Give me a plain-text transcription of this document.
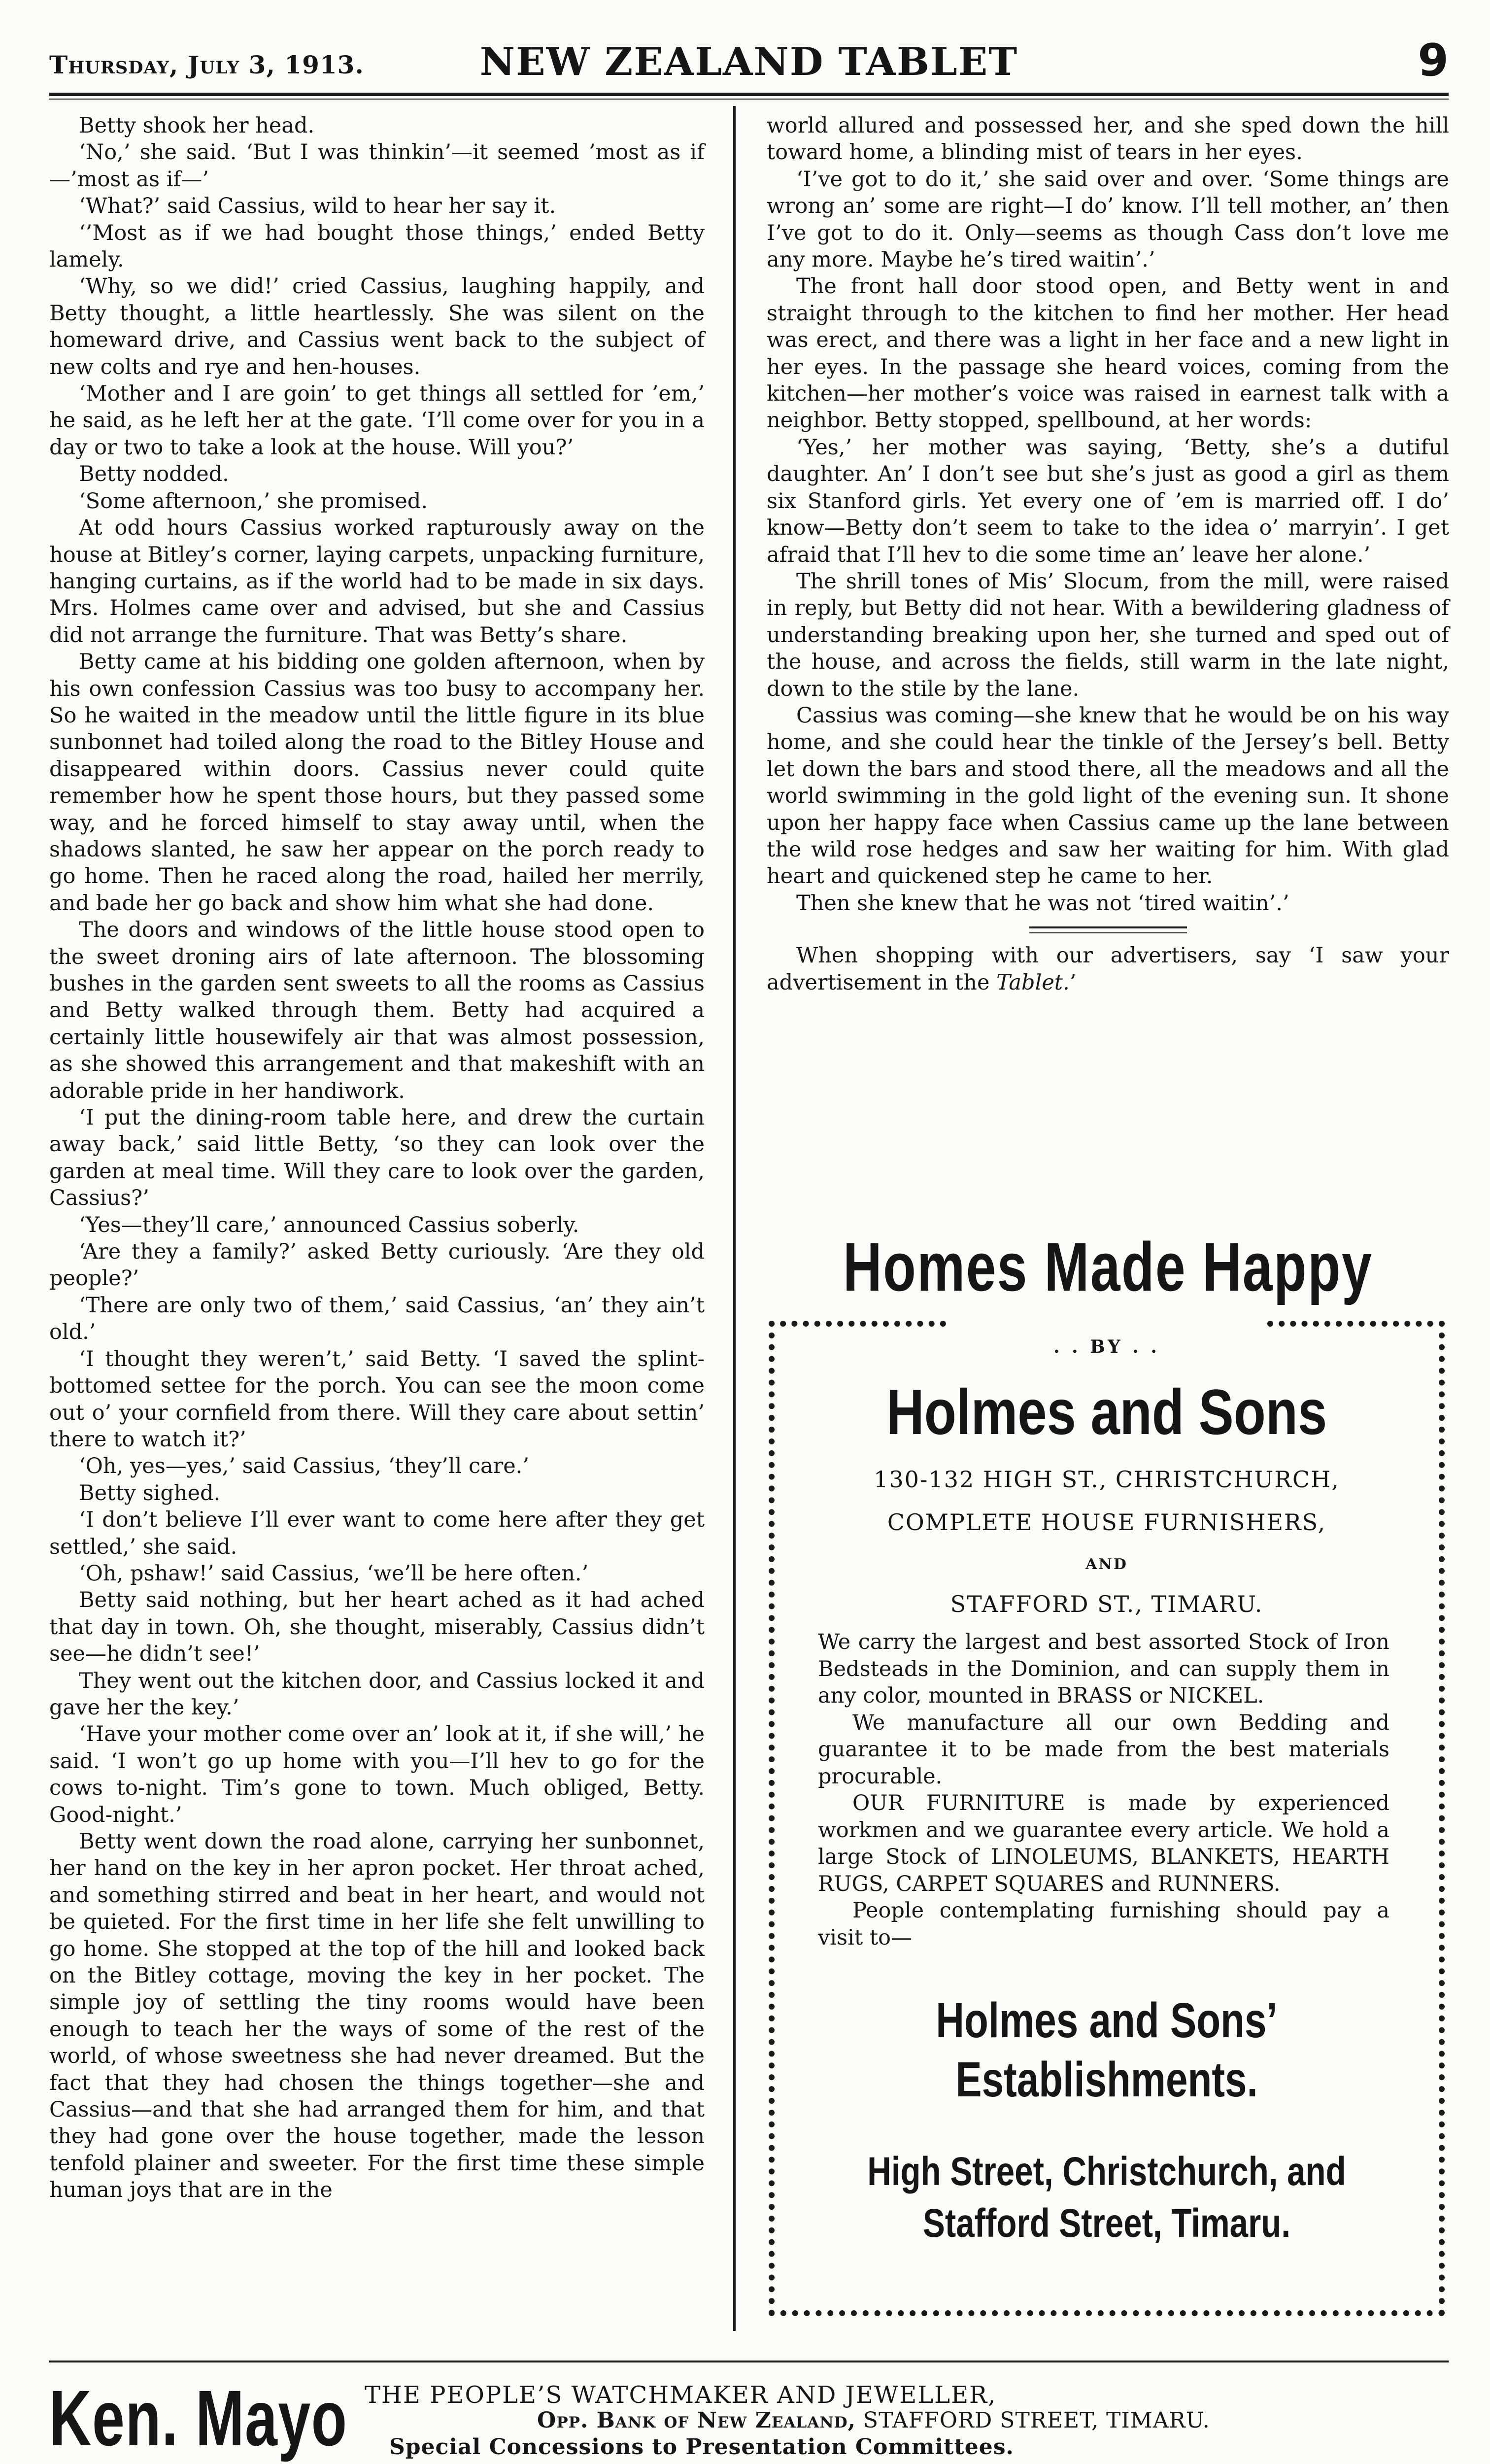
Thursday, July 3, 1913.	NEW ZEALAND TABLET	9

Betty shook her head.

‘No,’ she said. ‘But I was thinkin’—it seemed ’most as if—’most as if—’

‘What?’ said Cassius, wild to hear her say it.

‘’Most as if we had bought those things,’ ended Betty lamely.

‘Why, so we did!’ cried Cassius, laughing happily, and Betty thought, a little heartlessly. She was silent on the homeward drive, and Cassius went back to the subject of new colts and rye and hen-houses.

‘Mother and I are goin’ to get things all settled for ’em,’ he said, as he left her at the gate. ‘I’ll come over for you in a day or two to take a look at the house. Will you?’

Betty nodded.

‘Some afternoon,’ she promised.

At odd hours Cassius worked rapturously away on the house at Bitley’s corner, laying carpets, unpacking furniture, hanging curtains, as if the world had to be made in six days. Mrs. Holmes came over and advised, but she and Cassius did not arrange the furniture. That was Betty’s share.

Betty came at his bidding one golden afternoon, when by his own confession Cassius was too busy to accompany her. So he waited in the meadow until the little figure in its blue sunbonnet had toiled along the road to the Bitley House and disappeared within doors. Cassius never could quite remember how he spent those hours, but they passed some way, and he forced himself to stay away until, when the shadows slanted, he saw her appear on the porch ready to go home. Then he raced along the road, hailed her merrily, and bade her go back and show him what she had done.

The doors and windows of the little house stood open to the sweet droning airs of late afternoon. The blossoming bushes in the garden sent sweets to all the rooms as Cassius and Betty walked through them. Betty had acquired a certainly little housewifely air that was almost possession, as she showed this arrangement and that makeshift with an adorable pride in her handiwork.

‘I put the dining-room table here, and drew the curtain away back,’ said little Betty, ‘so they can look over the garden at meal time. Will they care to look over the garden, Cassius?’

‘Yes—they’ll care,’ announced Cassius soberly.

‘Are they a family?’ asked Betty curiously. ‘Are they old people?’

‘There are only two of them,’ said Cassius, ‘an’ they ain’t old.’

‘I thought they weren’t,’ said Betty. ‘I saved the splint-bottomed settee for the porch. You can see the moon come out o’ your cornfield from there. Will they care about settin’ there to watch it?’

‘Oh, yes—yes,’ said Cassius, ‘they’ll care.’

Betty sighed.

‘I don’t believe I’ll ever want to come here after they get settled,’ she said.

‘Oh, pshaw!’ said Cassius, ‘we’ll be here often.’

Betty said nothing, but her heart ached as it had ached that day in town. Oh, she thought, miserably, Cassius didn’t see—he didn’t see!’

They went out the kitchen door, and Cassius locked it and gave her the key.’

‘Have your mother come over an’ look at it, if she will,’ he said. ‘I won’t go up home with you—I’ll hev to go for the cows to-night. Tim’s gone to town. Much obliged, Betty. Good-night.’

Betty went down the road alone, carrying her sunbonnet, her hand on the key in her apron pocket. Her throat ached, and something stirred and beat in her heart, and would not be quieted. For the first time in her life she felt unwilling to go home. She stopped at the top of the hill and looked back on the Bitley cottage, moving the key in her pocket. The simple joy of settling the tiny rooms would have been enough to teach her the ways of some of the rest of the world, of whose sweetness she had never dreamed. But the fact that they had chosen the things together—she and Cassius—and that she had arranged them for him, and that they had gone over the house together, made the lesson tenfold plainer and sweeter. For the first time these simple human joys that are in the

world allured and possessed her, and she sped down the hill toward home, a blinding mist of tears in her eyes.

‘I’ve got to do it,’ she said over and over. ‘Some things are wrong an’ some are right—I do’ know. I’ll tell mother, an’ then I’ve got to do it. Only—seems as though Cass don’t love me any more. Maybe he’s tired waitin’.’

The front hall door stood open, and Betty went in and straight through to the kitchen to find her mother. Her head was erect, and there was a light in her face and a new light in her eyes. In the passage she heard voices, coming from the kitchen—her mother’s voice was raised in earnest talk with a neighbor. Betty stopped, spellbound, at her words:

‘Yes,’ her mother was saying, ‘Betty, she’s a dutiful daughter. An’ I don’t see but she’s just as good a girl as them six Stanford girls. Yet every one of ’em is married off. I do’ know—Betty don’t seem to take to the idea o’ marryin’. I get afraid that I’ll hev to die some time an’ leave her alone.’

The shrill tones of Mis’ Slocum, from the mill, were raised in reply, but Betty did not hear. With a bewildering gladness of understanding breaking upon her, she turned and sped out of the house, and across the fields, still warm in the late night, down to the stile by the lane.

Cassius was coming—she knew that he would be on his way home, and she could hear the tinkle of the Jersey’s bell. Betty let down the bars and stood there, all the meadows and all the world swimming in the gold light of the evening sun. It shone upon her happy face when Cassius came up the lane between the wild rose hedges and saw her waiting for him. With glad heart and quickened step he came to her.

Then she knew that he was not ‘tired waitin’.’

When shopping with our advertisers, say ‘I saw your advertisement in the Tablet.’

Homes Made Happy
. . BY . .
Holmes and Sons
130-132 HIGH ST., CHRISTCHURCH,
COMPLETE HOUSE FURNISHERS,
AND
STAFFORD ST., TIMARU.

We carry the largest and best assorted Stock of Iron Bedsteads in the Dominion, and can supply them in any color, mounted in BRASS or NICKEL.

We manufacture all our own Bedding and guarantee it to be made from the best materials procurable.

OUR FURNITURE is made by experienced workmen and we guarantee every article. We hold a large Stock of LINOLEUMS, BLANKETS, HEARTH RUGS, CARPET SQUARES and RUNNERS.

People contemplating furnishing should pay a visit to—

Holmes and Sons’
Establishments.
High Street, Christchurch, and
Stafford Street, Timaru.
Ken. Mayo THE PEOPLE’S WATCHMAKER AND JEWELLER,
Opp. Bank of New Zealand, STAFFORD STREET, TIMARU.
Special Concessions to Presentation Committees.
